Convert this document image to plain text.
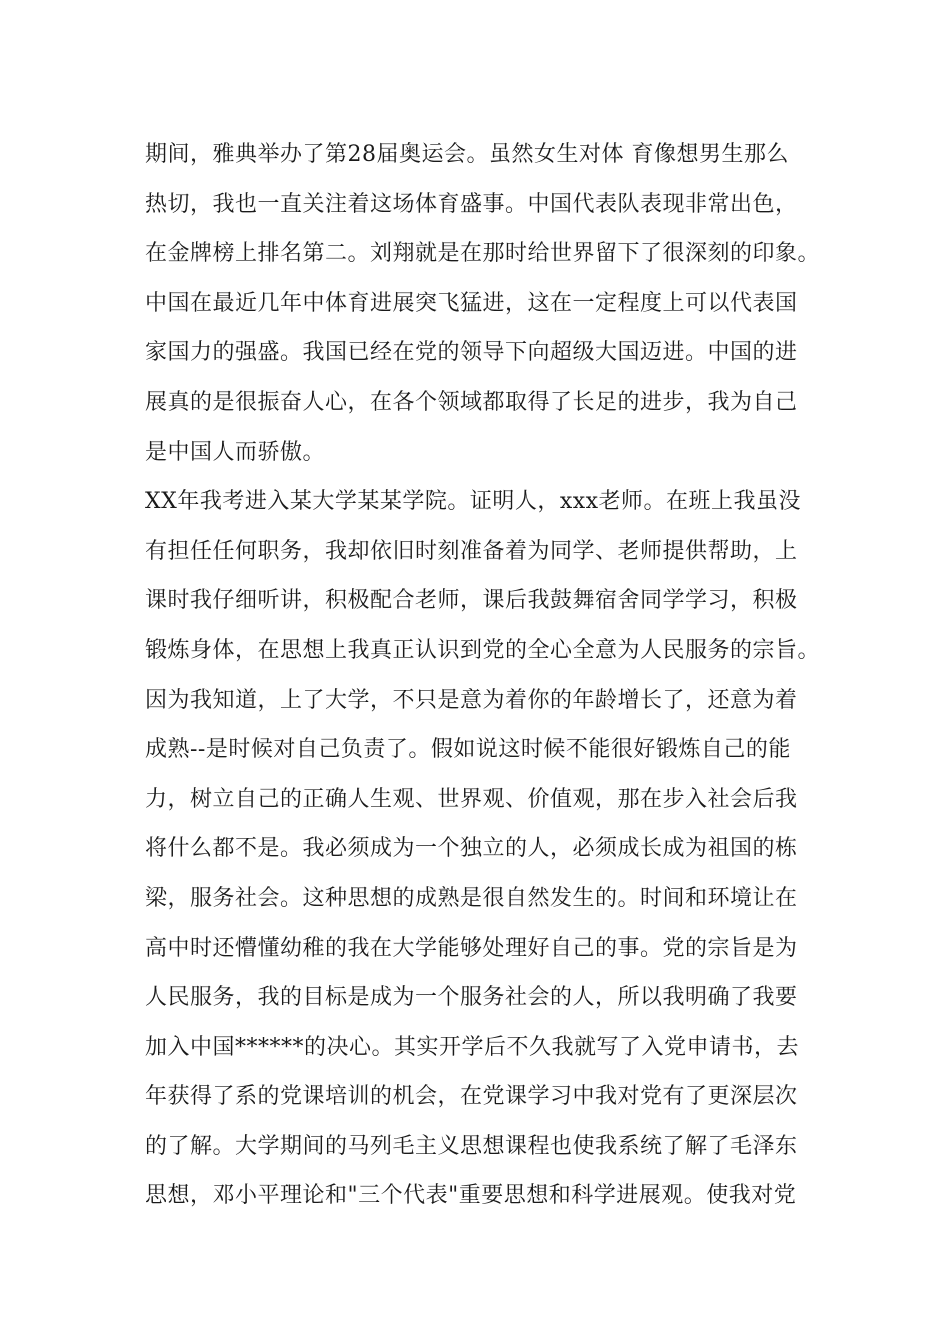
期间，雅典举办了第28届奥运会。虽然女生对体 育像想男生那么
热切，我也一直关注着这场体育盛事。中国代表队表现非常出色，
在金牌榜上排名第二。刘翔就是在那时给世界留下了很深刻的印象。
中国在最近几年中体育进展突飞猛进，这在一定程度上可以代表国
家国力的强盛。我国已经在党的领导下向超级大国迈进。中国的进
展真的是很振奋人心，在各个领域都取得了长足的进步，我为自己
是中国人而骄傲。
XX年我考进入某大学某某学院。证明人，xxx老师。在班上我虽没
有担任任何职务，我却依旧时刻准备着为同学、老师提供帮助，上
课时我仔细听讲，积极配合老师，课后我鼓舞宿舍同学学习，积极
锻炼身体，在思想上我真正认识到党的全心全意为人民服务的宗旨。
因为我知道，上了大学，不只是意为着你的年龄增长了，还意为着
成熟--是时候对自己负责了。假如说这时候不能很好锻炼自己的能
力，树立自己的正确人生观、世界观、价值观，那在步入社会后我
将什么都不是。我必须成为一个独立的人，必须成长成为祖国的栋
梁，服务社会。这种思想的成熟是很自然发生的。时间和环境让在
高中时还懵懂幼稚的我在大学能够处理好自己的事。党的宗旨是为
人民服务，我的目标是成为一个服务社会的人，所以我明确了我要
加入中国******的决心。其实开学后不久我就写了入党申请书，去
年获得了系的党课培训的机会，在党课学习中我对党有了更深层次
的了解。大学期间的马列毛主义思想课程也使我系统了解了毛泽东
思想，邓小平理论和"三个代表"重要思想和科学进展观。使我对党
